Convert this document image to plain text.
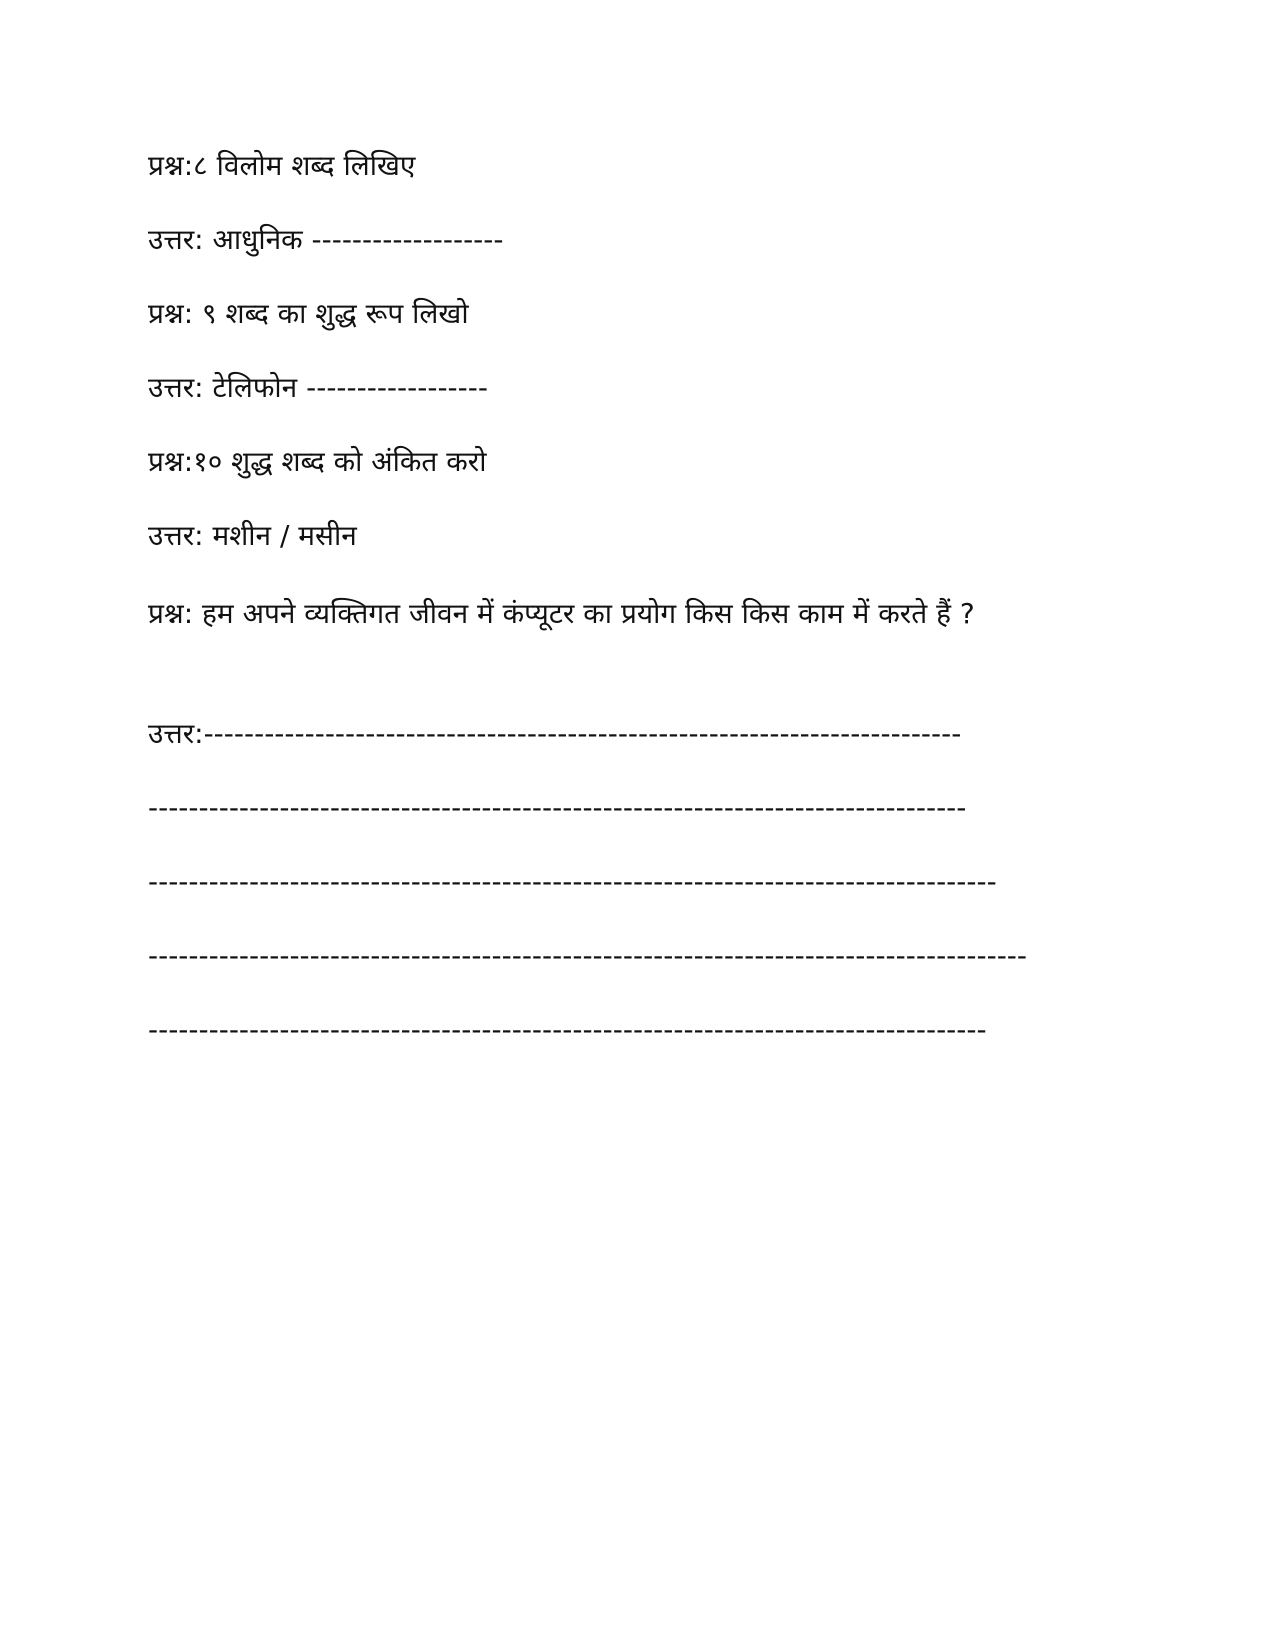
प्रश्न:८ विलोम शब्द लिखिए
उत्तर: आधुनिक -------------------
प्रश्न: ९ शब्द का शुद्ध रूप लिखो
उत्तर: टेलिफोन ------------------
प्रश्न:१० शुद्ध शब्द को अंकित करो
उत्तर: मशीन / मसीन
प्रश्न: हम अपने व्यक्तिगत जीवन में कंप्यूटर का प्रयोग किस किस काम में करते हैं ?
उत्तर:---------------------------------------------------------------------------
---------------------------------------------------------------------------------
------------------------------------------------------------------------------------
---------------------------------------------------------------------------------------
-----------------------------------------------------------------------------------
